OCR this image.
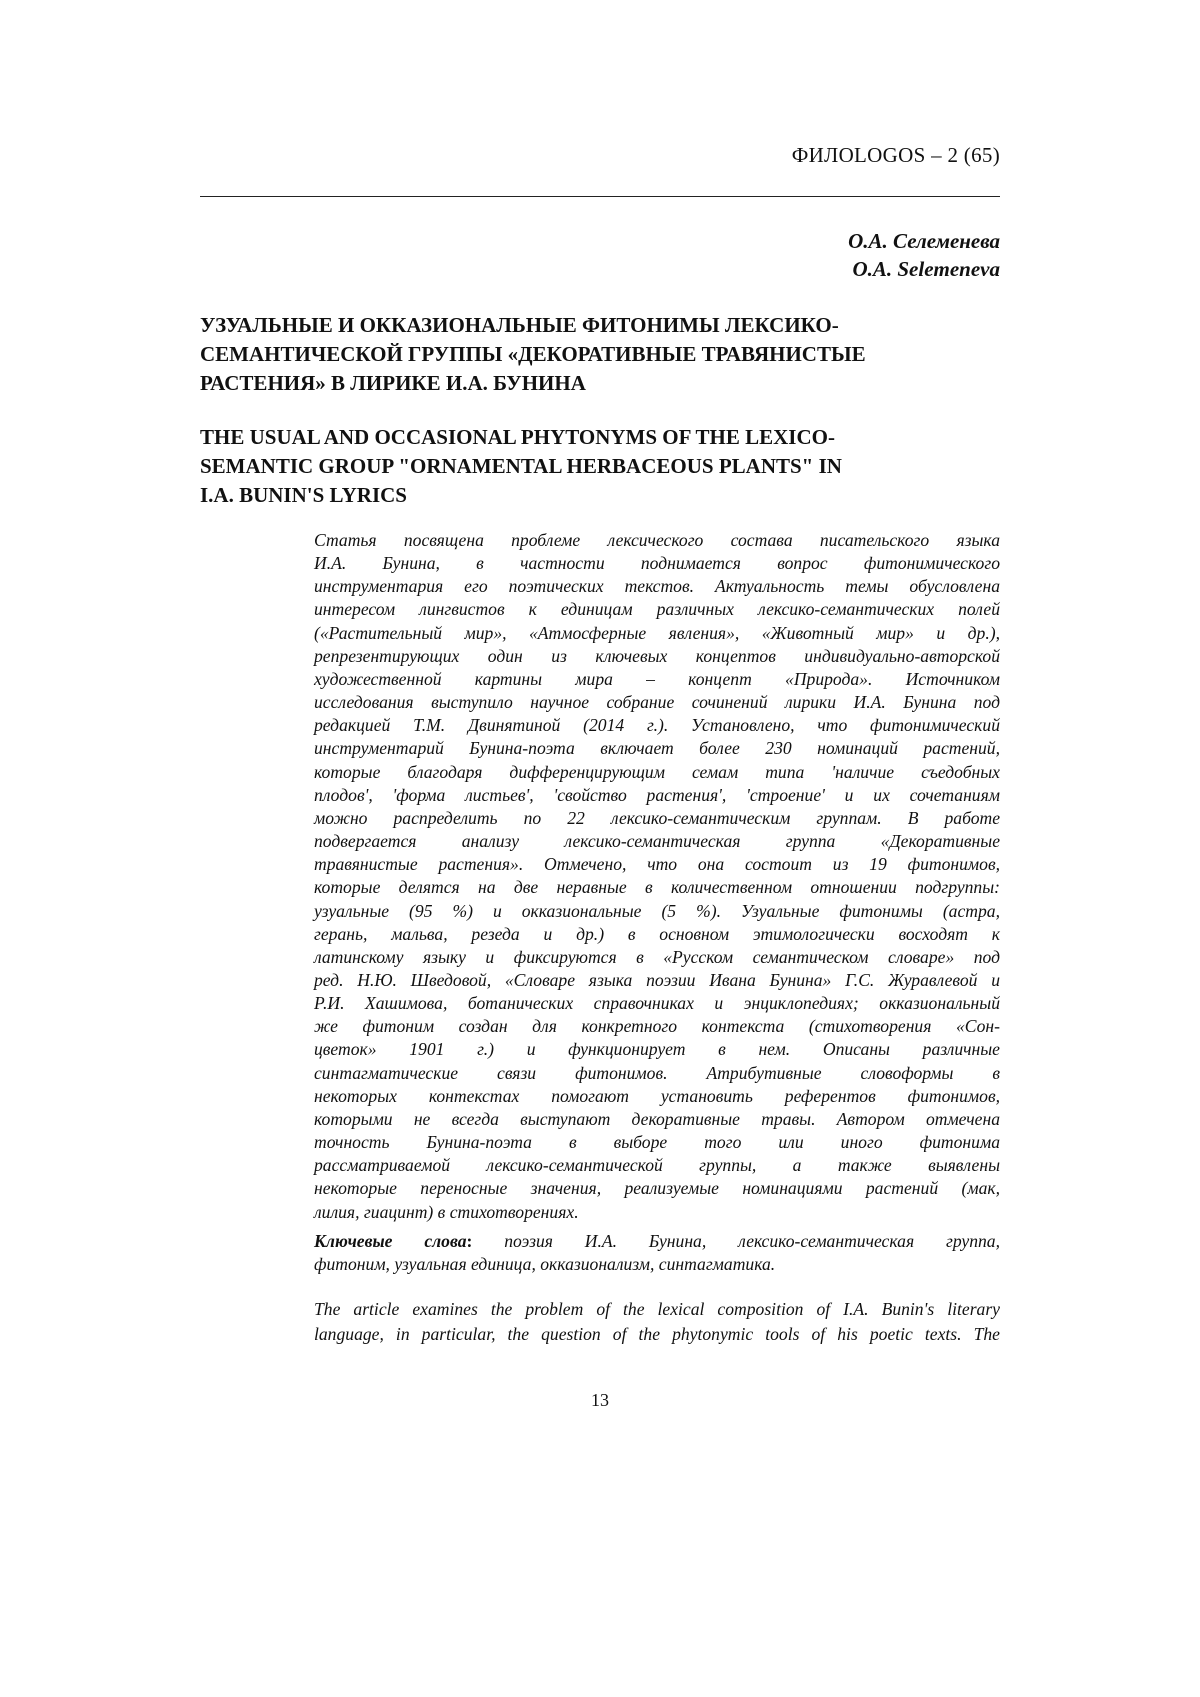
ФИЛОLOGOS – 2 (65)
О.А. Селеменева
O.A. Selemeneva
УЗУАЛЬНЫЕ И ОККАЗИОНАЛЬНЫЕ ФИТОНИМЫ ЛЕКСИКО-
СЕМАНТИЧЕСКОЙ ГРУППЫ «ДЕКОРАТИВНЫЕ ТРАВЯНИСТЫЕ
РАСТЕНИЯ» В ЛИРИКЕ И.А. БУНИНА
THE USUAL AND OCCASIONAL PHYTONYMS OF THE LEXICO-
SEMANTIC GROUP "ORNAMENTAL HERBACEOUS PLANTS" IN
I.A. BUNIN'S LYRICS
Статья посвящена проблеме лексического состава писательского языка
И.А. Бунина, в частности поднимается вопрос фитонимического
инструментария его поэтических текстов. Актуальность темы обусловлена
интересом лингвистов к единицам различных лексико-семантических полей
(«Растительный мир», «Атмосферные явления», «Животный мир» и др.),
репрезентирующих один из ключевых концептов индивидуально-авторской
художественной картины мира – концепт «Природа». Источником
исследования выступило научное собрание сочинений лирики И.А. Бунина под
редакцией Т.М. Двинятиной (2014 г.). Установлено, что фитонимический
инструментарий Бунина-поэта включает более 230 номинаций растений,
которые благодаря дифференцирующим семам типа 'наличие съедобных
плодов', 'форма листьев', 'свойство растения', 'строение' и их сочетаниям
можно распределить по 22 лексико-семантическим группам. В работе
подвергается анализу лексико-семантическая группа «Декоративные
травянистые растения». Отмечено, что она состоит из 19 фитонимов,
которые делятся на две неравные в количественном отношении подгруппы:
узуальные (95 %) и окказиональные (5 %). Узуальные фитонимы (астра,
герань, мальва, резеда и др.) в основном этимологически восходят к
латинскому языку и фиксируются в «Русском семантическом словаре» под
ред. Н.Ю. Шведовой, «Словаре языка поэзии Ивана Бунина» Г.С. Журавлевой и
Р.И. Хашимова, ботанических справочниках и энциклопедиях; окказиональный
же фитоним создан для конкретного контекста (стихотворения «Сон-
цветок» 1901 г.) и функционирует в нем. Описаны различные
синтагматические связи фитонимов. Атрибутивные словоформы в
некоторых контекстах помогают установить референтов фитонимов,
которыми не всегда выступают декоративные травы. Автором отмечена
точность Бунина-поэта в выборе того или иного фитонима
рассматриваемой лексико-семантической группы, а также выявлены
некоторые переносные значения, реализуемые номинациями растений (мак,
лилия, гиацинт) в стихотворениях.
Ключевые слова: поэзия И.А. Бунина, лексико-семантическая группа,
фитоним, узуальная единица, окказионализм, синтагматика.
The article examines the problem of the lexical composition of I.A. Bunin's literary
language, in particular, the question of the phytonymic tools of his poetic texts. The
13
